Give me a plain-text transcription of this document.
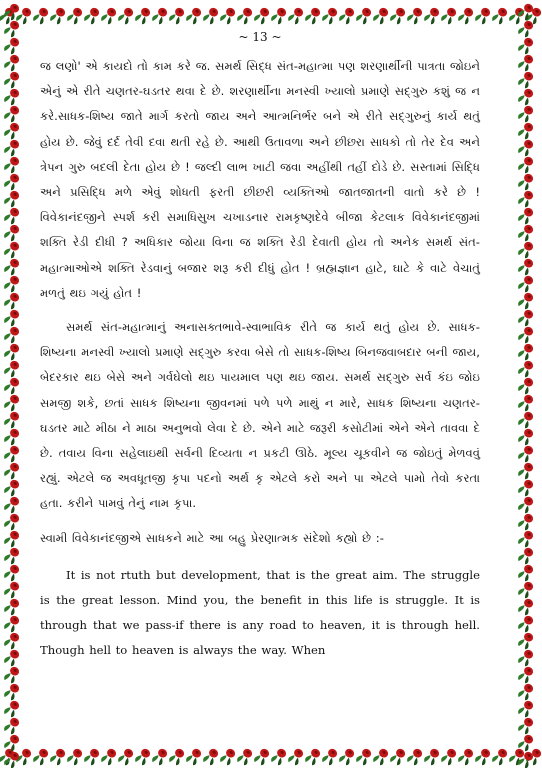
~ 13 ~

જ લણો' એ કાયદો તો કામ કરે જ. સમર્થ સિદ્ધ સંત-મહાત્મા પણ શરણાર્થીની પાત્રતા જોઇને એનું એ રીતે ચણતર-ઘડતર થવા દે છે. શરણાર્થીના મનસ્વી ખ્યાલો પ્રમાણે સદ્ગુરુ કશું જ ન કરે.સાધક-શિષ્ય જાતે માર્ગ કરતો જાય અને આત્મનિર્ભર બને એ રીતે સદ્ગુરુનું કાર્ય થતું હોય છે. જેવું દર્દ તેવી દવા થતી રહે છે. આથી ઉતાવળા અને છીછરા સાધકો તો તેર દેવ અને ત્રેપન ગુરુ બદલી દેતા હોય છે ! જલ્દી લાભ ખાટી જવા અહીંથી તહીં દોડે છે. સસ્તામાં સિદ્ધિ અને પ્રસિદ્ધિ મળે એવું શોધતી ફરતી છીછરી વ્યક્તિઓ જાતજાતની વાતો કરે છે ! વિવેકાનંદજીને સ્પર્શ કરી સમાધિસુખ ચખાડનાર રામકૃષ્ણદેવે બીજા કેટલાક વિવેકાનંદજીમાં શક્તિ રેડી દીધી ? અધિકાર જોયા વિના જ શક્તિ રેડી દેવાતી હોય તો અનેક સમર્થ સંત-મહાત્માઓએ શક્તિ રેડવાનું બજાર શરૂ કરી દીધું હોત ! બ્રહ્મજ્ઞાન હાટે, ઘાટે કે વાટે વેચાતું મળતું થઇ ગયું હોત !

સમર્થ સંત-મહાત્માનું અનાસક્તભાવે-સ્વાભાવિક રીતે જ કાર્ય થતું હોય છે. સાધક-શિષ્યના મનસ્વી ખ્યાલો પ્રમાણે સદ્ગુરુ કરવા બેસે તો સાધક-શિષ્ય બિનજવાબદાર બની જાય, બેદરકાર થઇ બેસે અને ગર્વઘેલો થઇ પાયમાલ પણ થઇ જાય. સમર્થ સદ્ગુરુ સર્વ કંઇ જોઇ સમજી શકે, છતાં સાધક શિષ્યના જીવનમાં પળે પળે માથું ન મારે, સાધક શિષ્યના ચણતર-ઘડતર માટે મીઠા ને માઠા અનુભવો લેવા દે છે. એને માટે જરૂરી કસોટીમાં એને એને તાવવા દે છે. તવાય વિના સહેલાઇથી સર્વની દિવ્યતા ન પ્રકટી ઊઠે. મૂલ્ય ચૂકવીને જ જોઇતું મેળવવું રહ્યું. એટલે જ અવધૂતજી કૃપા પદનો અર્થ કૃ એટલે કરો અને પા એટલે પામો તેવો કરતા હતા. કરીને પામવું તેનું નામ કૃપા.

સ્વામી વિવેકાનંદજીએ સાધકને માટે આ બહુ પ્રેરણાત્મક સંદેશો કહ્યો છે :-

It is not rtuth but development, that is the great aim. The struggle is the great lesson. Mind you, the benefit in this life is struggle. It is through that we pass-if there is any road to heaven, it is through hell. Though hell to heaven is always the way. When
